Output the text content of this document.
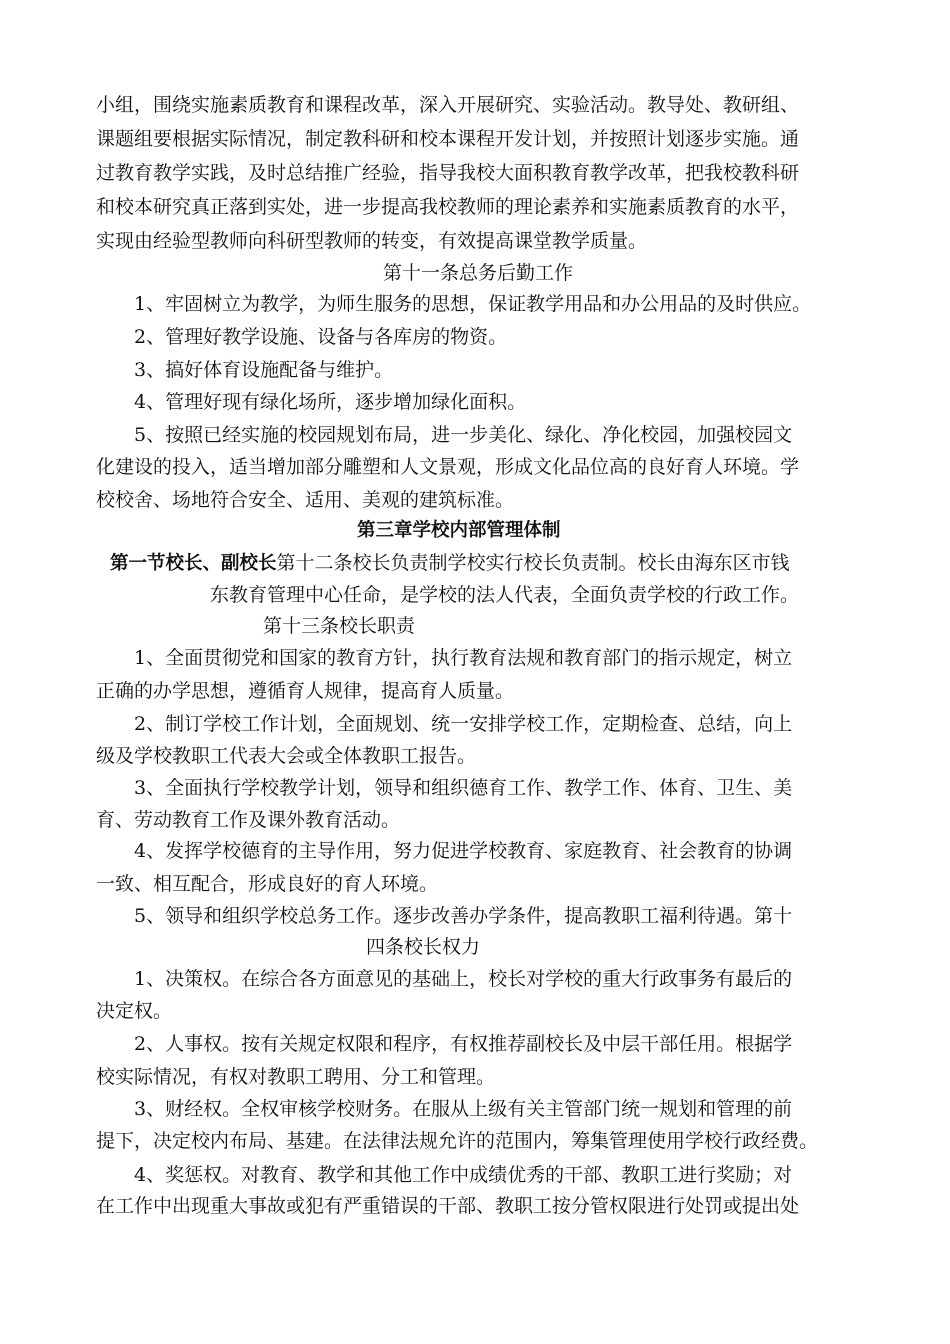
小组，围绕实施素质教育和课程改革，深入开展研究、实验活动。教导处、教研组、
课题组要根据实际情况，制定教科研和校本课程开发计划，并按照计划逐步实施。通
过教育教学实践，及时总结推广经验，指导我校大面积教育教学改革，把我校教科研
和校本研究真正落到实处，进一步提高我校教师的理论素养和实施素质教育的水平，
实现由经验型教师向科研型教师的转变，有效提高课堂教学质量。
第十一条总务后勤工作
1、牢固树立为教学，为师生服务的思想，保证教学用品和办公用品的及时供应。
2、管理好教学设施、设备与各库房的物资。
3、搞好体育设施配备与维护。
4、管理好现有绿化场所，逐步增加绿化面积。
5、按照已经实施的校园规划布局，进一步美化、绿化、净化校园，加强校园文
化建设的投入，适当增加部分雕塑和人文景观，形成文化品位高的良好育人环境。学
校校舍、场地符合安全、适用、美观的建筑标准。
第三章学校内部管理体制
第一节校长、副校长第十二条校长负责制学校实行校长负责制。校长由海东区市钱
东教育管理中心任命，是学校的法人代表，全面负责学校的行政工作。
第十三条校长职责
1、全面贯彻党和国家的教育方针，执行教育法规和教育部门的指示规定，树立
正确的办学思想，遵循育人规律，提高育人质量。
2、制订学校工作计划，全面规划、统一安排学校工作，定期检查、总结，向上
级及学校教职工代表大会或全体教职工报告。
3、全面执行学校教学计划，领导和组织德育工作、教学工作、体育、卫生、美
育、劳动教育工作及课外教育活动。
4、发挥学校德育的主导作用，努力促进学校教育、家庭教育、社会教育的协调
一致、相互配合，形成良好的育人环境。
5、领导和组织学校总务工作。逐步改善办学条件，提高教职工福利待遇。第十
四条校长权力
1、决策权。在综合各方面意见的基础上，校长对学校的重大行政事务有最后的
决定权。
2、人事权。按有关规定权限和程序，有权推荐副校长及中层干部任用。根据学
校实际情况，有权对教职工聘用、分工和管理。
3、财经权。全权审核学校财务。在服从上级有关主管部门统一规划和管理的前
提下，决定校内布局、基建。在法律法规允许的范围内，筹集管理使用学校行政经费。
4、奖惩权。对教育、教学和其他工作中成绩优秀的干部、教职工进行奖励；对
在工作中出现重大事故或犯有严重错误的干部、教职工按分管权限进行处罚或提出处
